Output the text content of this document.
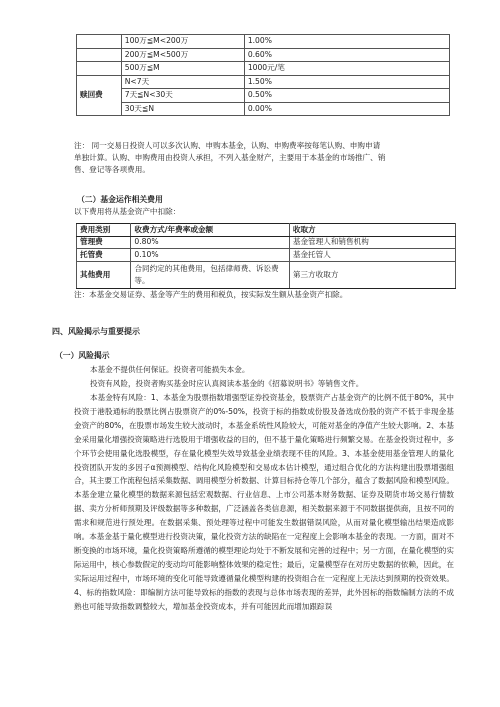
	100万≦M<200万	1.00%
	200万≦M<500万	0.60%
	500万≦M	1000元/笔
赎回费	N<7天	1.50%
	7天≦N<30天	0.50%
	30天≦N	0.00%
注： 同一交易日投资人可以多次认购、申购本基金，认购、申购费率按每笔认购、申购申请
单独计算。认购、申购费用由投资人承担，不列入基金财产，主要用于本基金的市场推广、销
售、登记等各项费用。
（二）基金运作相关费用
以下费用将从基金资产中扣除：
费用类别	收费方式/年费率或金额	收取方
管理费	0.80%	基金管理人和销售机构
托管费	0.10%	基金托管人
其他费用	合同约定的其他费用，包括律师费、诉讼费等。	第三方收取方
注：本基金交易证券、基金等产生的费用和税负，按实际发生额从基金资产扣除。
四、风险揭示与重要提示
（一）风险揭示
本基金不提供任何保证。投资者可能损失本金。
投资有风险，投资者购买基金时应认真阅读本基金的《招募说明书》等销售文件。
本基金特有风险：1、本基金为股票指数增强型证券投资基金，股票资产占基金资产的比例不低于80%，其中投资于港股通标的股票比例占股票资产的0%-50%，投资于标的指数成份股及备选成份股的资产不低于非现金基金资产的80%，在股票市场发生较大波动时，本基金系统性风险较大，可能对基金的净值产生较大影响。2、本基金采用量化增强投资策略进行选股用于增强收益的目的，但不基于量化策略进行频繁交易。在基金投资过程中，多个环节会使用量化选股模型，存在量化模型失效导致基金业绩表现不佳的风险。3、本基金使用基金管理人的量化投资团队开发的多因子α预测模型、结构化风险模型和交易成本估计模型，通过组合优化的方法构建出股票增强组合，其主要工作流程包括采集数据、调用模型分析数据、计算目标持仓等几个部分，蕴含了数据风险和模型风险。本基金建立量化模型的数据来源包括宏观数据、行业信息、上市公司基本财务数据、证券及期货市场交易行情数据、卖方分析师预期及评级数据等多种数据，广泛涵盖各类信息源，相关数据来源于不同数据提供商，且按不同的需求和规范进行预处理。在数据采集、预处理等过程中可能发生数据错误风险，从而对量化模型输出结果造成影响。本基金基于量化模型进行投资决策，量化投资方法的缺陷在一定程度上会影响本基金的表现。一方面，面对不断变换的市场环境，量化投资策略所遵循的模型理论均处于不断发展和完善的过程中；另一方面，在量化模型的实际运用中，核心参数假定的变动均可能影响整体效果的稳定性；最后，定量模型存在对历史数据的依赖，因此，在实际运用过程中，市场环境的变化可能导致遵循量化模型构建的投资组合在一定程度上无法达到预期的投资效果。4、标的指数风险：即编制方法可能导致标的指数的表现与总体市场表现的差异，此外因标的指数编制方法的不成熟也可能导致指数调整较大，增加基金投资成本，并有可能因此而增加跟踪误
